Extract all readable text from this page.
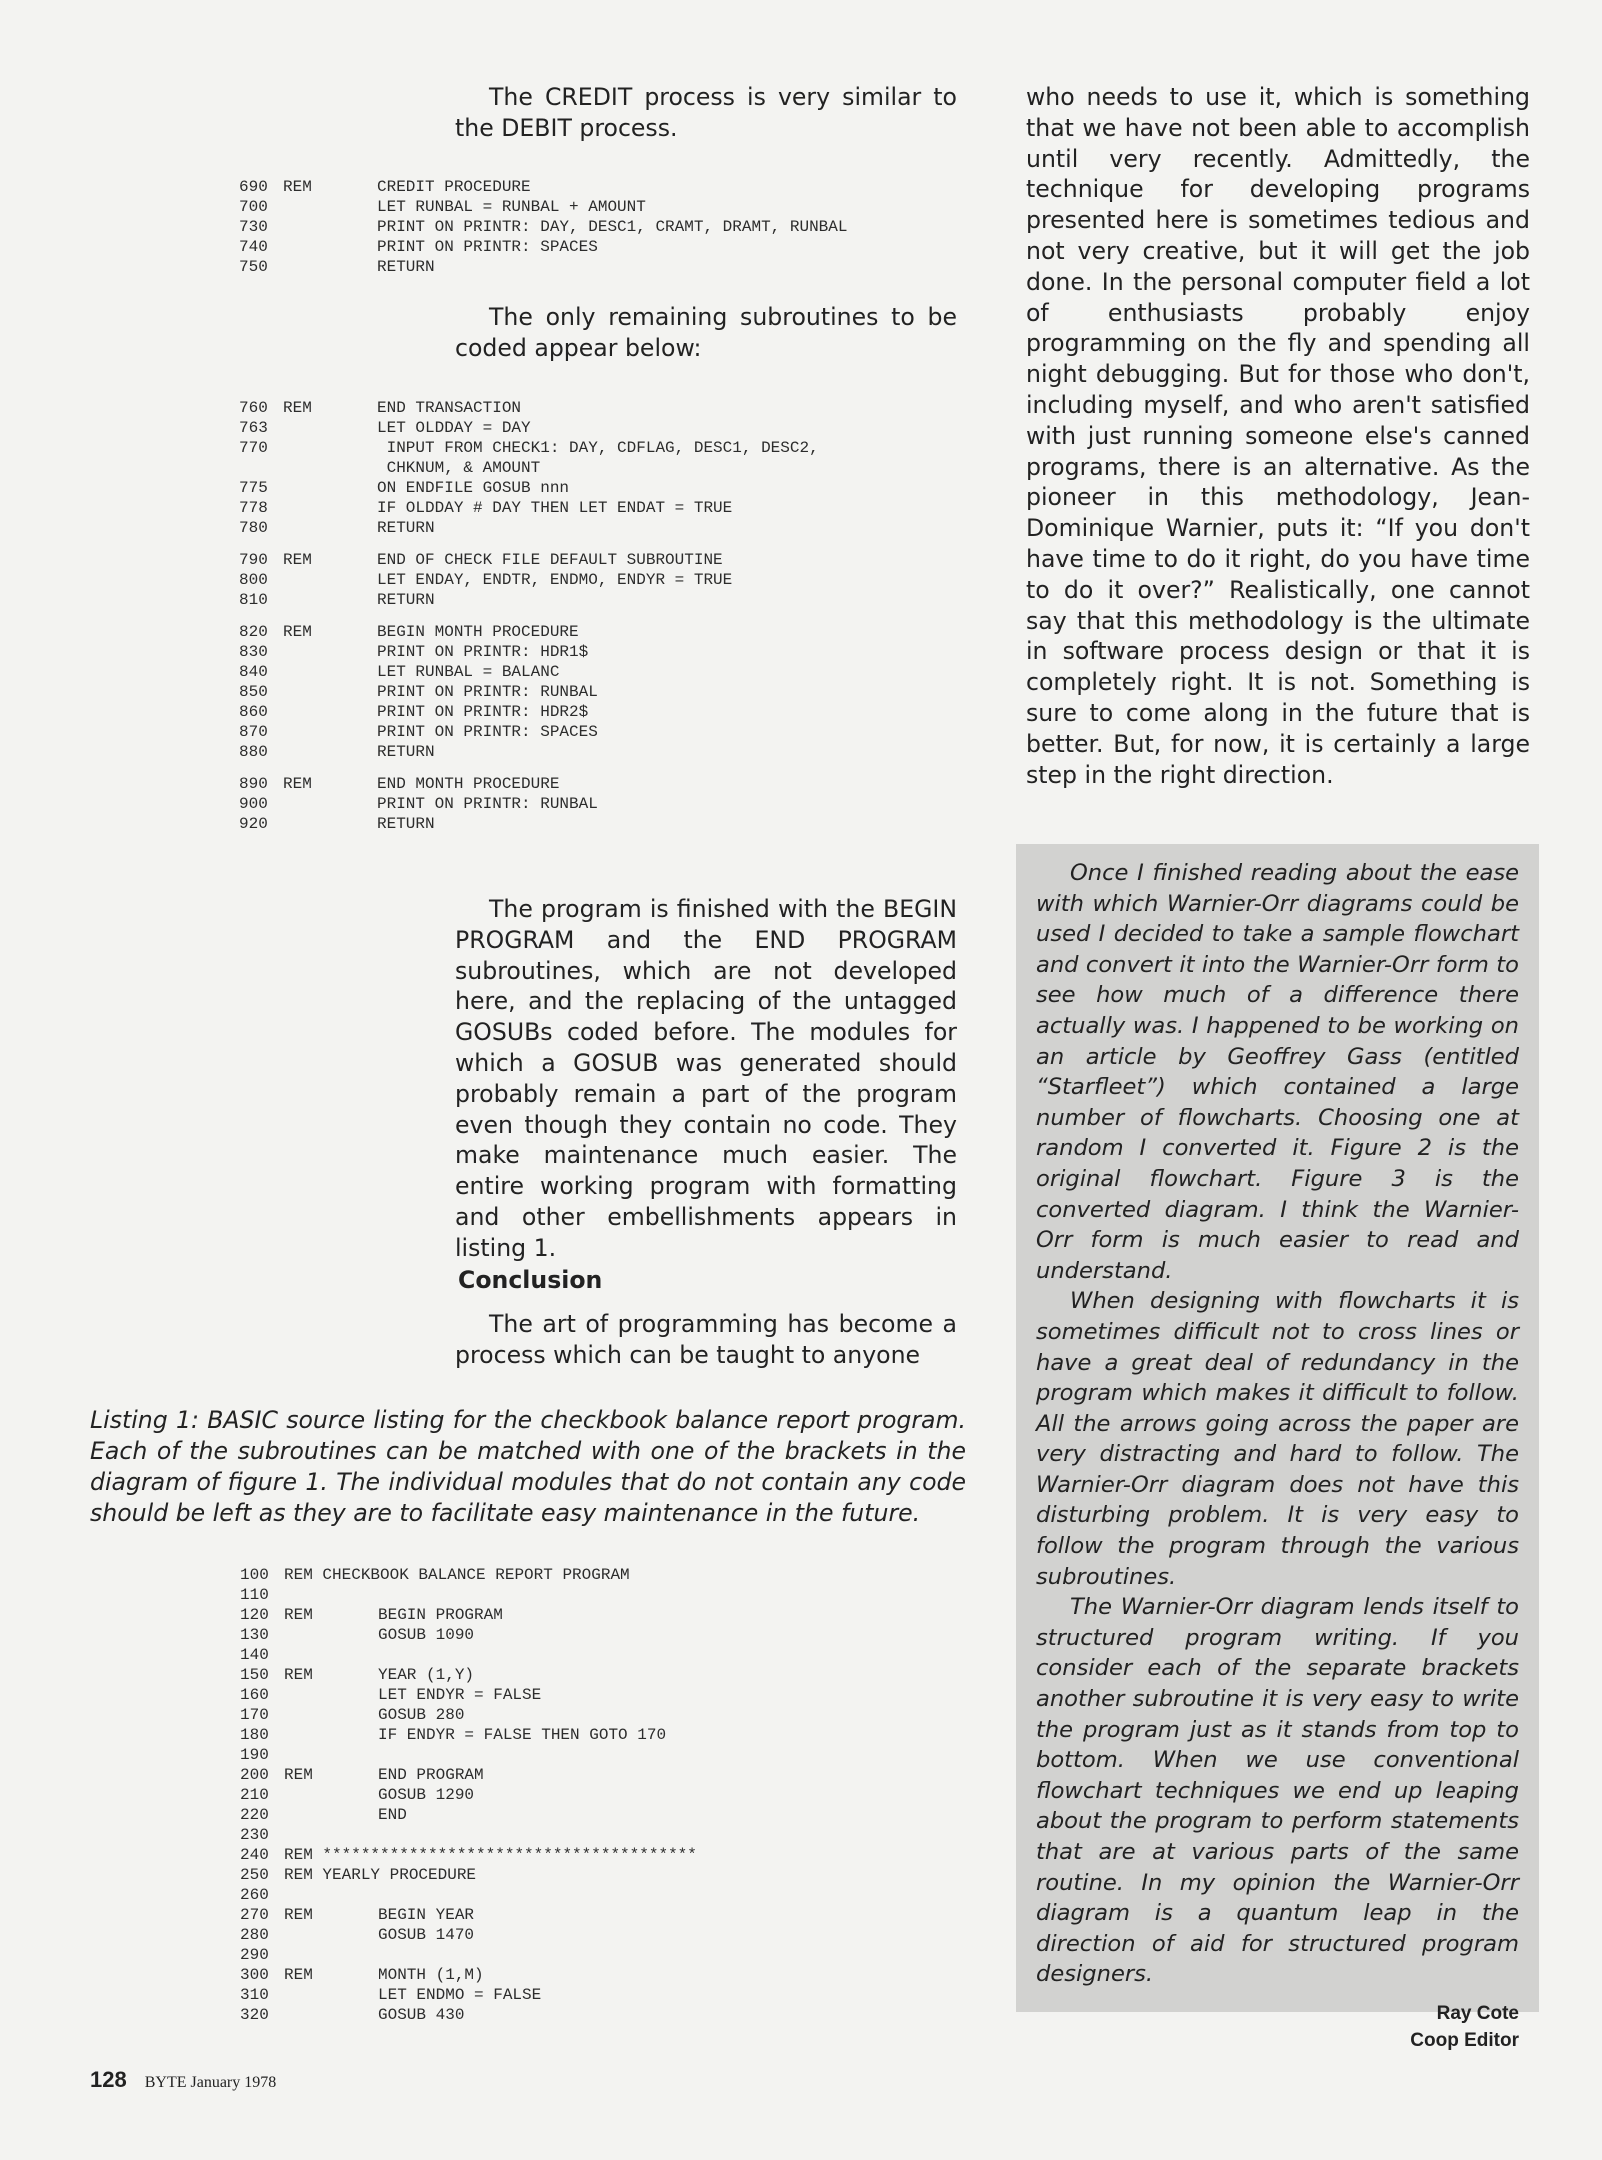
The CREDIT process is very similar to the DEBIT process.

690 REM	CREDIT PROCEDURE
700	LET RUNBAL = RUNBAL + AMOUNT
730	PRINT ON PRINTR: DAY, DESC1, CRAMT, DRAMT, RUNBAL
740	PRINT ON PRINTR: SPACES
750	RETURN

The only remaining subroutines to be coded appear below:

760 REM	END TRANSACTION
763	LET OLDDAY = DAY
770	INPUT FROM CHECK1: DAY, CDFLAG, DESC1, DESC2,
CHKNUM, & AMOUNT
775	ON ENDFILE GOSUB nnn
778	IF OLDDAY # DAY THEN LET ENDAT = TRUE
780	RETURN
790 REM	END OF CHECK FILE DEFAULT SUBROUTINE
800	LET ENDAY, ENDTR, ENDMO, ENDYR = TRUE
810	RETURN
820 REM	BEGIN MONTH PROCEDURE
830	PRINT ON PRINTR: HDR1$
840	LET RUNBAL = BALANC
850	PRINT ON PRINTR: RUNBAL
860	PRINT ON PRINTR: HDR2$
870	PRINT ON PRINTR: SPACES
880	RETURN
890 REM	END MONTH PROCEDURE
900	PRINT ON PRINTR: RUNBAL
920	RETURN

The program is finished with the BEGIN PROGRAM and the END PROGRAM subroutines, which are not developed here, and the replacing of the untagged GOSUBs coded before. The modules for which a GOSUB was generated should probably remain a part of the program even though they contain no code. They make maintenance much easier. The entire working program with formatting and other embellishments appears in listing 1.

Conclusion

The art of programming has become a process which can be taught to anyone

who needs to use it, which is something that we have not been able to accomplish until very recently. Admittedly, the technique for developing programs presented here is sometimes tedious and not very creative, but it will get the job done. In the personal computer field a lot of enthusiasts probably enjoy programming on the fly and spending all night debugging. But for those who don't, including myself, and who aren't satisfied with just running someone else's canned programs, there is an alternative. As the pioneer in this methodology, Jean-Dominique Warnier, puts it: “If you don't have time to do it right, do you have time to do it over?” Realistically, one cannot say that this methodology is the ultimate in software process design or that it is completely right. It is not. Something is sure to come along in the future that is better. But, for now, it is certainly a large step in the right direction.

Once I finished reading about the ease with which Warnier-Orr diagrams could be used I decided to take a sample flowchart and convert it into the Warnier-Orr form to see how much of a difference there actually was. I happened to be working on an article by Geoffrey Gass (entitled “Starfleet”) which contained a large number of flowcharts. Choosing one at random I converted it. Figure 2 is the original flowchart. Figure 3 is the converted diagram. I think the Warnier-Orr form is much easier to read and understand.

When designing with flowcharts it is sometimes difficult not to cross lines or have a great deal of redundancy in the program which makes it difficult to follow. All the arrows going across the paper are very distracting and hard to follow. The Warnier-Orr diagram does not have this disturbing problem. It is very easy to follow the program through the various subroutines.

The Warnier-Orr diagram lends itself to structured program writing. If you consider each of the separate brackets another subroutine it is very easy to write the program just as it stands from top to bottom. When we use conventional flowchart techniques we end up leaping about the program to perform statements that are at various parts of the same routine. In my opinion the Warnier-Orr diagram is a quantum leap in the direction of aid for structured program designers.

Ray Cote
Coop Editor
Listing 1: BASIC source listing for the checkbook balance report program. Each of the subroutines can be matched with one of the brackets in the diagram of figure 1. The individual modules that do not contain any code should be left as they are to facilitate easy maintenance in the future.
100 REM CHECKBOOK BALANCE REPORT PROGRAM
110
120 REM	BEGIN PROGRAM
130	GOSUB 1090
140
150 REM	YEAR (1,Y)
160	LET ENDYR = FALSE
170	GOSUB 280
180	IF ENDYR = FALSE THEN GOTO 170
190
200 REM	END PROGRAM
210	GOSUB 1290
220	END
230
240 REM ***************************************
250 REM YEARLY PROCEDURE
260
270 REM	BEGIN YEAR
280	GOSUB 1470
290
300 REM	MONTH (1,M)
310	LET ENDMO = FALSE
320	GOSUB 430
128 BYTE January 1978
